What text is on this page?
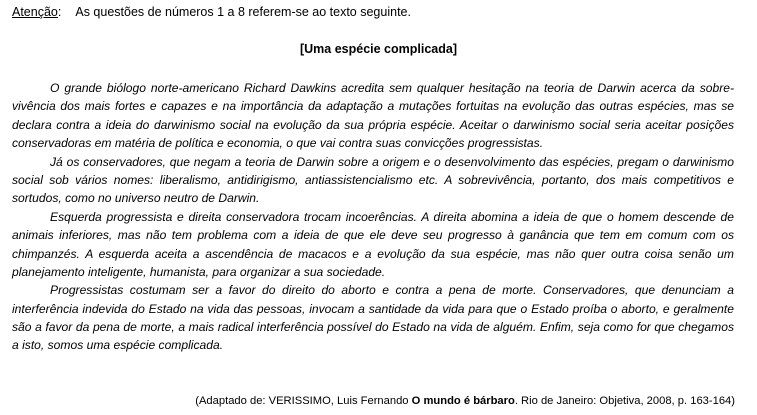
Atenção: As questões de números 1 a 8 referem-se ao texto seguinte.
[Uma espécie complicada]
O grande biólogo norte-americano Richard Dawkins acredita sem qualquer hesitação na teoria de Darwin acerca da sobre-
vivência dos mais fortes e capazes e na importância da adaptação a mutações fortuitas na evolução das outras espécies, mas se
declara contra a ideia do darwinismo social na evolução da sua própria espécie. Aceitar o darwinismo social seria aceitar posições
conservadoras em matéria de política e economia, o que vai contra suas convicções progressistas.
Já os conservadores, que negam a teoria de Darwin sobre a origem e o desenvolvimento das espécies, pregam o darwinismo
social sob vários nomes: liberalismo, antidirigismo, antiassistencialismo etc. A sobrevivência, portanto, dos mais competitivos e
sortudos, como no universo neutro de Darwin.
Esquerda progressista e direita conservadora trocam incoerências. A direita abomina a ideia de que o homem descende de
animais inferiores, mas não tem problema com a ideia de que ele deve seu progresso à ganância que tem em comum com os
chimpanzés. A esquerda aceita a ascendência de macacos e a evolução da sua espécie, mas não quer outra coisa senão um
planejamento inteligente, humanista, para organizar a sua sociedade.
Progressistas costumam ser a favor do direito do aborto e contra a pena de morte. Conservadores, que denunciam a
interferência indevida do Estado na vida das pessoas, invocam a santidade da vida para que o Estado proíba o aborto, e geralmente
são a favor da pena de morte, a mais radical interferência possível do Estado na vida de alguém. Enfim, seja como for que chegamos
a isto, somos uma espécie complicada.
(Adaptado de: VERISSIMO, Luis Fernando O mundo é bárbaro. Rio de Janeiro: Objetiva, 2008, p. 163-164)
